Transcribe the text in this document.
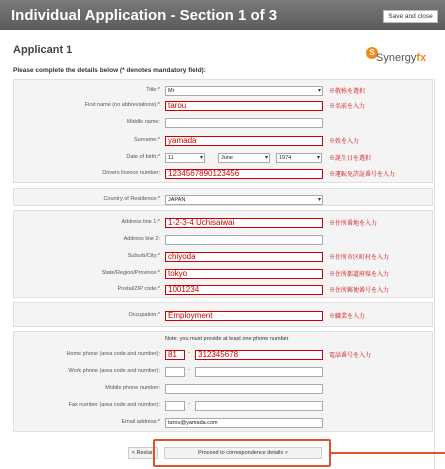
Individual Application - Section 1 of 3	Save and close
Applicant 1	S Synergyfx
Please complete the details below (* denotes mandatory field):
Title:*	Mr ▾	※敬称を選択
First name (no abbreviations):*	tarou	※名前を入力
Middle name:
Surname:*	yamada	※姓を入力
Date of birth:*	11 ▾	June ▾	1974 ▾	※誕生日を選択
Drivers licence number:	1234567890123456	※運転免許証番号を入力
Country of Residence:*	JAPAN ▾
Address line 1:*	1-2-3-4 Uchisaiwai	※住所番地を入力
Address line 2:
Suburb/City:*	chiyoda	※住所市区町村を入力
State/Region/Province:*	tokyo	※住所都道府県を入力
Postal/ZIP code:*	1001234	※住所郵便番号を入力
Occupation:*	Employment	※職業を入力
Note: you must provide at least one phone number
Home phone (area code and number):	81	-	312345678	電話番号を入力
Work phone (area code and number):	-
Mobile phone number:
Fax number (area code and number):	-
Email address:*	tarou@yamada.com
< Restart	Proceed to correspondence details >
